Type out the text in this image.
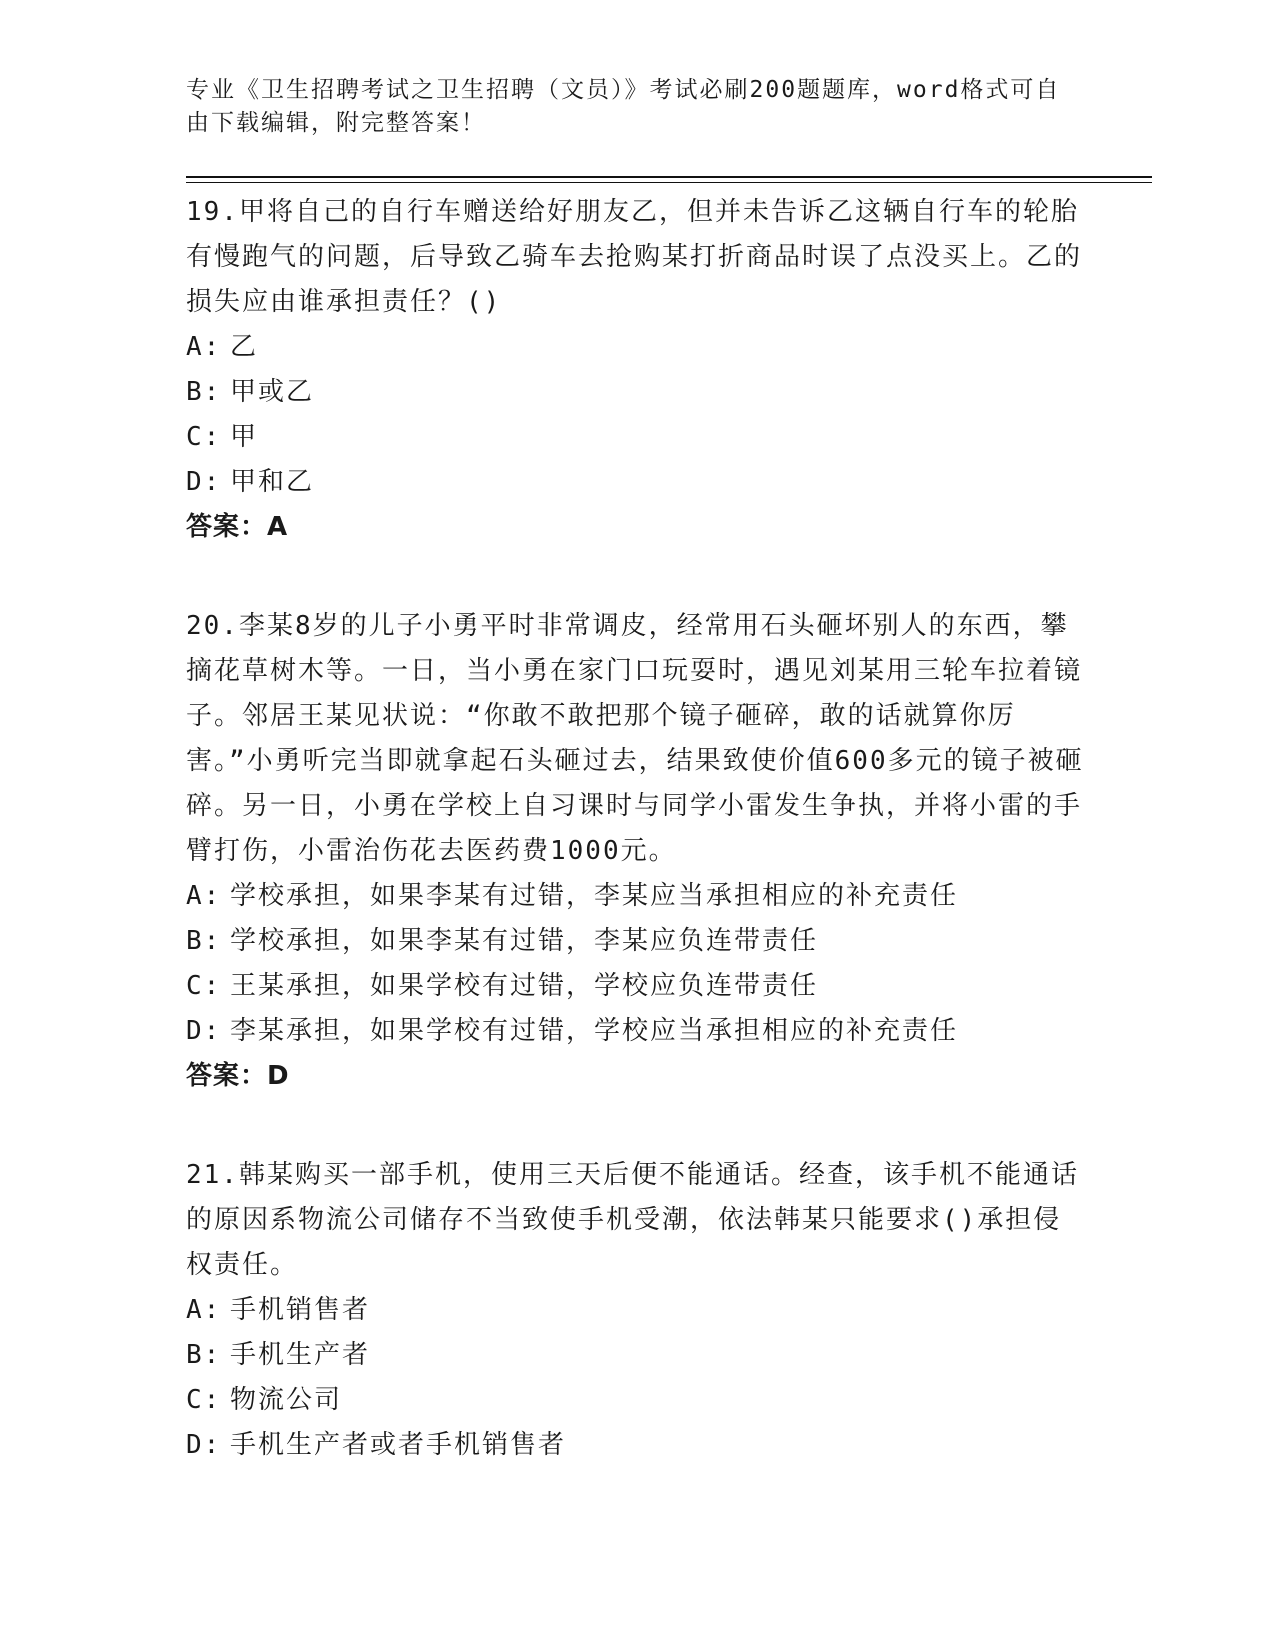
专业《卫生招聘考试之卫生招聘（文员）》考试必刷200题题库，word格式可自由下载编辑，附完整答案！

19.甲将自己的自行车赠送给好朋友乙，但并未告诉乙这辆自行车的轮胎有慢跑气的问题，后导致乙骑车去抢购某打折商品时误了点没买上。乙的损失应由谁承担责任？()

A: 乙

B: 甲或乙

C: 甲

D: 甲和乙

答案：A

20.李某8岁的儿子小勇平时非常调皮，经常用石头砸坏别人的东西，攀摘花草树木等。一日，当小勇在家门口玩耍时，遇见刘某用三轮车拉着镜子。邻居王某见状说：“你敢不敢把那个镜子砸碎，敢的话就算你厉害。”小勇听完当即就拿起石头砸过去，结果致使价值600多元的镜子被砸碎。另一日，小勇在学校上自习课时与同学小雷发生争执，并将小雷的手臂打伤，小雷治伤花去医药费1000元。

A: 学校承担，如果李某有过错，李某应当承担相应的补充责任

B: 学校承担，如果李某有过错，李某应负连带责任

C: 王某承担，如果学校有过错，学校应负连带责任

D: 李某承担，如果学校有过错，学校应当承担相应的补充责任

答案：D

21.韩某购买一部手机，使用三天后便不能通话。经查，该手机不能通话的原因系物流公司储存不当致使手机受潮，依法韩某只能要求()承担侵权责任。

A: 手机销售者

B: 手机生产者

C: 物流公司

D: 手机生产者或者手机销售者
